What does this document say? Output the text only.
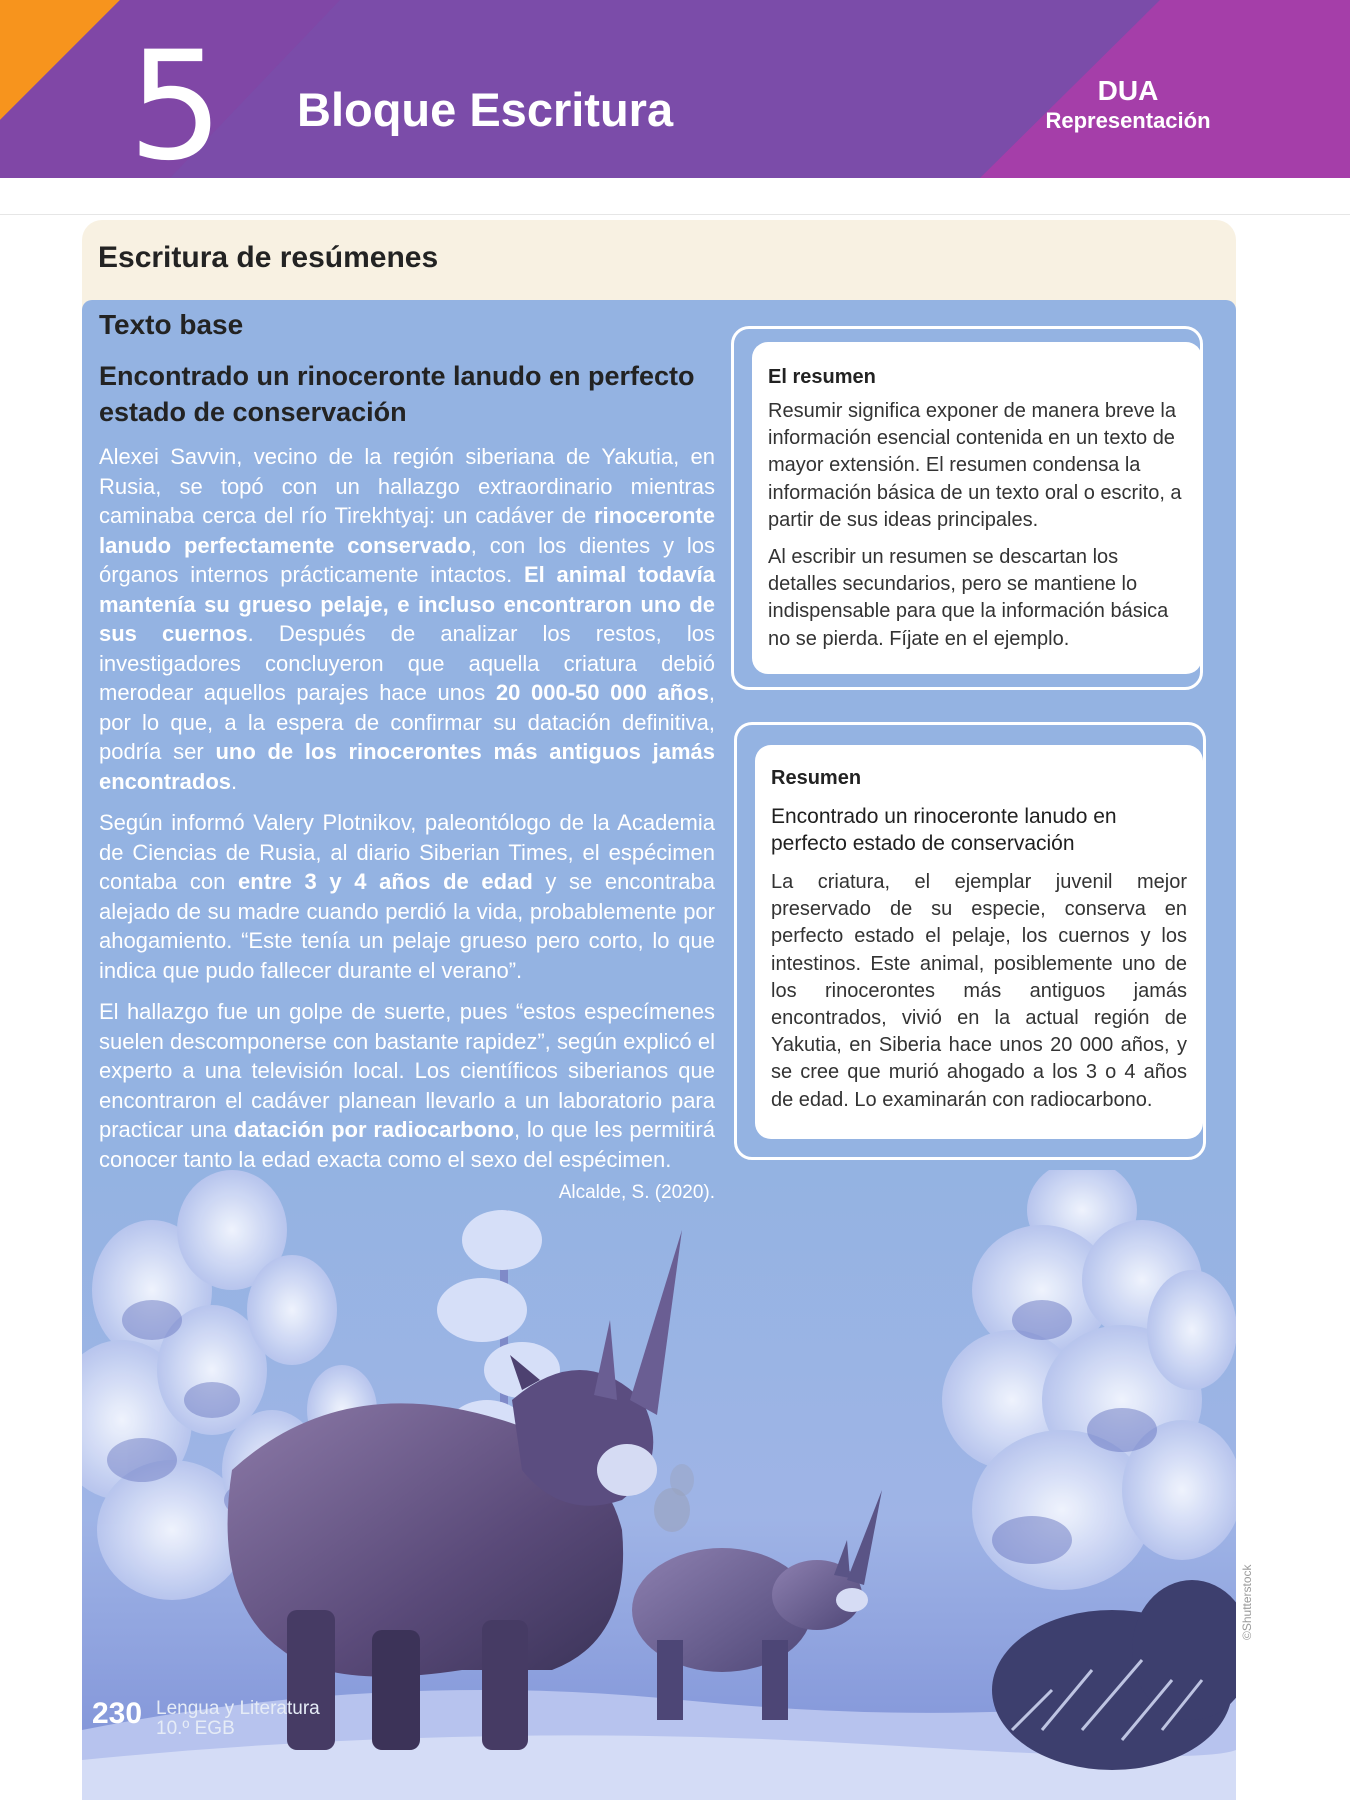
5 Bloque Escritura	DUA
Representación
Escritura de resúmenes
Texto base
Encontrado un rinoceronte lanudo en perfecto estado de conservación

Alexei Savvin, vecino de la región siberiana de Yakutia, en Rusia, se topó con un hallazgo extraordinario mientras caminaba cerca del río Tirekhtyaj: un cadáver de rinoceronte lanudo perfectamente conservado, con los dientes y los órganos internos prácticamente intactos. El animal todavía mantenía su grueso pelaje, e incluso encontraron uno de sus cuernos. Después de analizar los restos, los investigadores concluyeron que aquella criatura debió merodear aquellos parajes hace unos 20 000-50 000 años, por lo que, a la espera de confirmar su datación definitiva, podría ser uno de los rinocerontes más antiguos jamás encontrados.

Según informó Valery Plotnikov, paleontólogo de la Academia de Ciencias de Rusia, al diario Siberian Times, el espécimen contaba con entre 3 y 4 años de edad y se encontraba alejado de su madre cuando perdió la vida, probablemente por ahogamiento. “Este tenía un pelaje grueso pero corto, lo que indica que pudo fallecer durante el verano”.

El hallazgo fue un golpe de suerte, pues “estos especímenes suelen descomponerse con bastante rapidez”, según explicó el experto a una televisión local. Los científicos siberianos que encontraron el cadáver planean llevarlo a un laboratorio para practicar una datación por radiocarbono, lo que les permitirá conocer tanto la edad exacta como el sexo del espécimen.

Alcalde, S. (2020).
El resumen

Resumir significa exponer de manera breve la información esencial contenida en un texto de mayor extensión. El resumen condensa la información básica de un texto oral o escrito, a partir de sus ideas principales.

Al escribir un resumen se descartan los detalles secundarios, pero se mantiene lo indispensable para que la información básica no se pierda. Fíjate en el ejemplo.

Resumen
Encontrado un rinoceronte lanudo en perfecto estado de conservación

La criatura, el ejemplar juvenil mejor preservado de su especie, conserva en perfecto estado el pelaje, los cuernos y los intestinos. Este animal, posiblemente uno de los rinocerontes más antiguos jamás encontrados, vivió en la actual región de Yakutia, en Siberia hace unos 20 000 años, y se cree que murió ahogado a los 3 o 4 años de edad. Lo examinarán con radiocarbono.

230 Lengua y Literatura
10.º EGB
©Shutterstock
